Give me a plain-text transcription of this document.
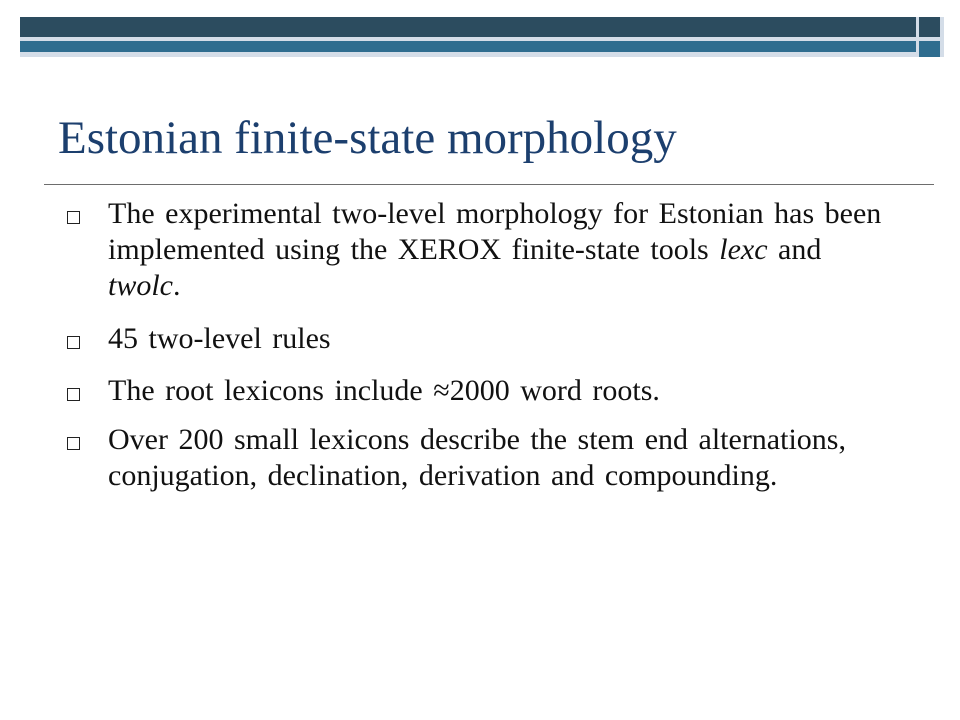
Estonian finite-state morphology
The experimental two-level morphology for Estonian has been implemented using the XEROX finite-state tools lexc and twolc.
45 two-level rules
The root lexicons include ≈2000 word roots.
Over 200 small lexicons describe the stem end alternations, conjugation, declination, derivation and compounding.
